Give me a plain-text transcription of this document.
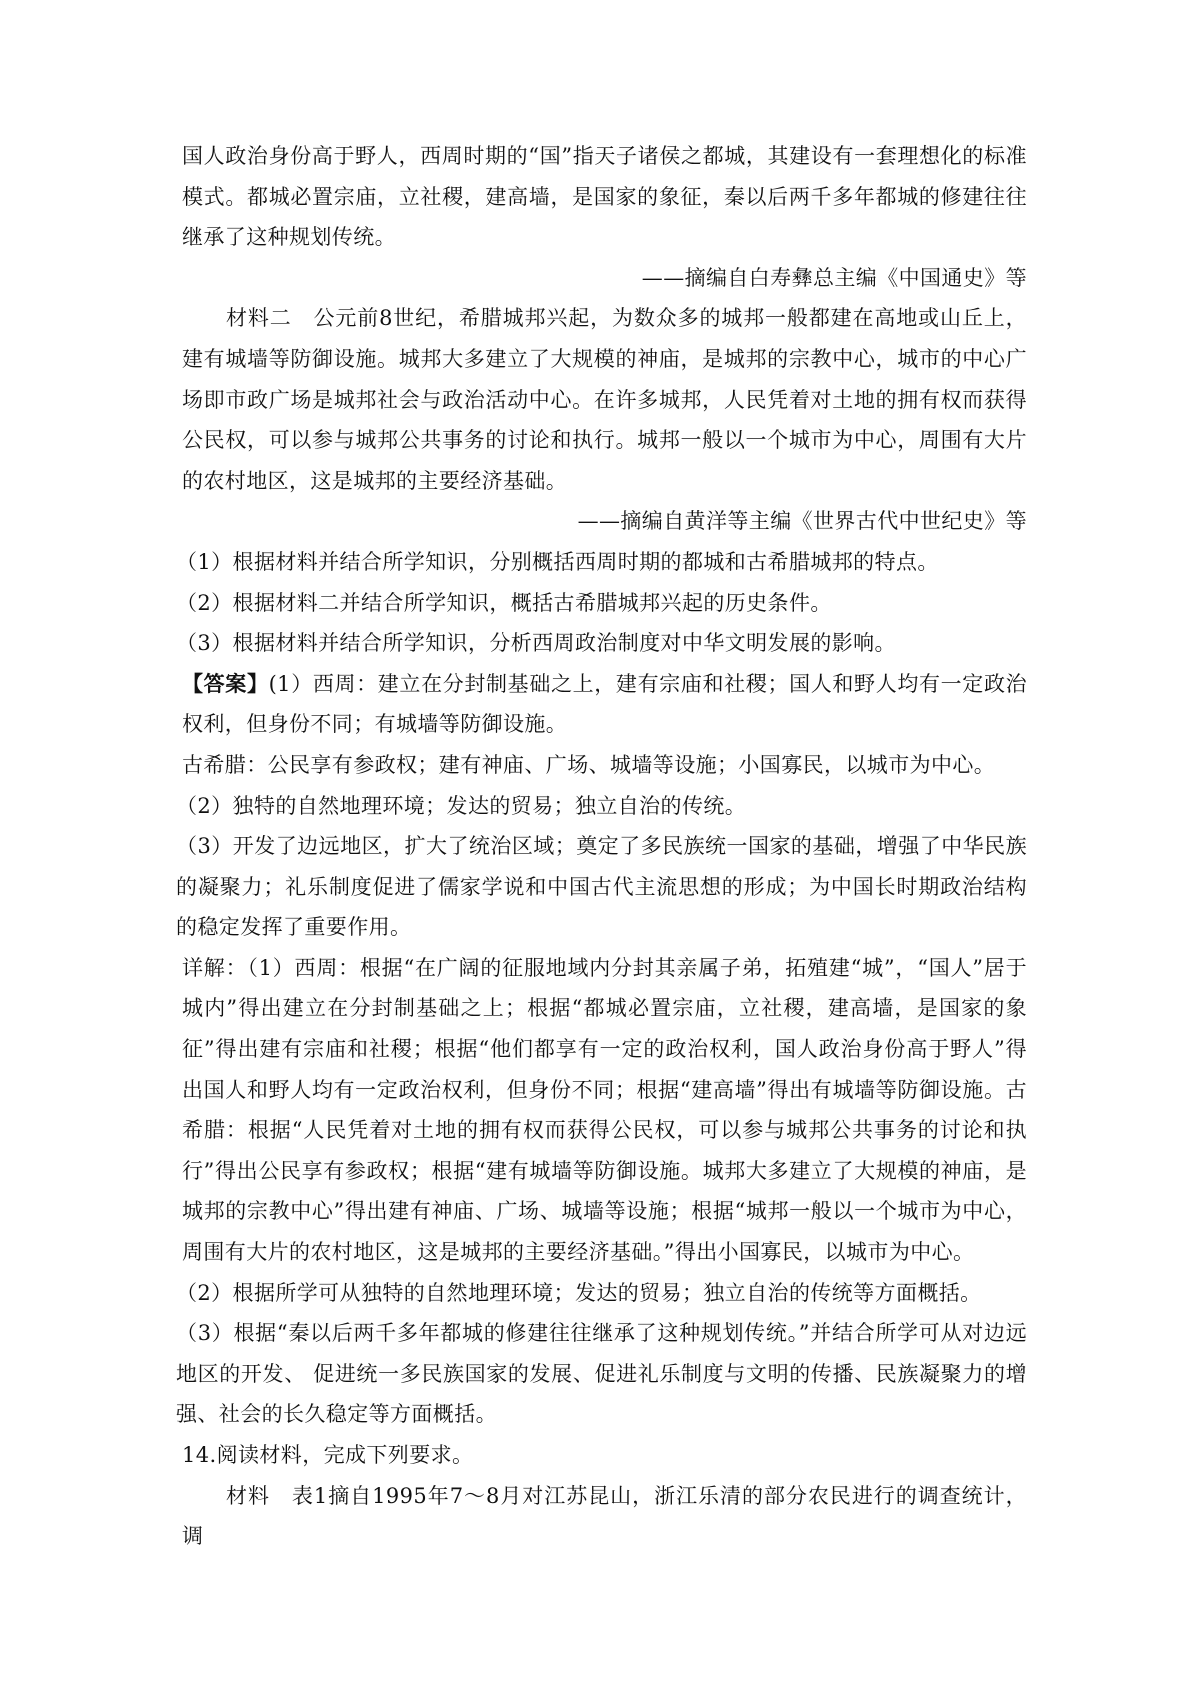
国人政治身份高于野人，西周时期的“国”指天子诸侯之都城，其建设有一套理想化的标准模式。都城必置宗庙，立社稷，建高墙，是国家的象征，秦以后两千多年都城的修建往往继承了这种规划传统。

——摘编自白寿彝总主编《中国通史》等

材料二　公元前8世纪，希腊城邦兴起，为数众多的城邦一般都建在高地或山丘上，建有城墙等防御设施。城邦大多建立了大规模的神庙，是城邦的宗教中心，城市的中心广场即市政广场是城邦社会与政治活动中心。在许多城邦，人民凭着对土地的拥有权而获得公民权，可以参与城邦公共事务的讨论和执行。城邦一般以一个城市为中心，周围有大片的农村地区，这是城邦的主要经济基础。

——摘编自黄洋等主编《世界古代中世纪史》等

（1）根据材料并结合所学知识，分别概括西周时期的都城和古希腊城邦的特点。

（2）根据材料二并结合所学知识，概括古希腊城邦兴起的历史条件。

（3）根据材料并结合所学知识，分析西周政治制度对中华文明发展的影响。

【答案】(1）西周：建立在分封制基础之上，建有宗庙和社稷；国人和野人均有一定政治权利，但身份不同；有城墙等防御设施。

古希腊：公民享有参政权；建有神庙、广场、城墙等设施；小国寡民，以城市为中心。

（2）独特的自然地理环境；发达的贸易；独立自治的传统。

（3）开发了边远地区，扩大了统治区域；奠定了多民族统一国家的基础，增强了中华民族的凝聚力；礼乐制度促进了儒家学说和中国古代主流思想的形成；为中国长时期政治结构的稳定发挥了重要作用。

详解：（1）西周：根据“在广阔的征服地域内分封其亲属子弟，拓殖建“城”，“国人”居于城内”得出建立在分封制基础之上；根据“都城必置宗庙，立社稷，建高墙，是国家的象征”得出建有宗庙和社稷；根据“他们都享有一定的政治权利，国人政治身份高于野人”得出国人和野人均有一定政治权利，但身份不同；根据“建高墙”得出有城墙等防御设施。古希腊：根据“人民凭着对土地的拥有权而获得公民权，可以参与城邦公共事务的讨论和执行”得出公民享有参政权；根据“建有城墙等防御设施。城邦大多建立了大规模的神庙，是城邦的宗教中心”得出建有神庙、广场、城墙等设施；根据“城邦一般以一个城市为中心，周围有大片的农村地区，这是城邦的主要经济基础。”得出小国寡民，以城市为中心。

（2）根据所学可从独特的自然地理环境；发达的贸易；独立自治的传统等方面概括。

（3）根据“秦以后两千多年都城的修建往往继承了这种规划传统。”并结合所学可从对边远地区的开发、 促进统一多民族国家的发展、促进礼乐制度与文明的传播、民族凝聚力的增强、社会的长久稳定等方面概括。

14.阅读材料，完成下列要求。

材料　表1摘自1995年7～8月对江苏昆山，浙江乐清的部分农民进行的调查统计，调
